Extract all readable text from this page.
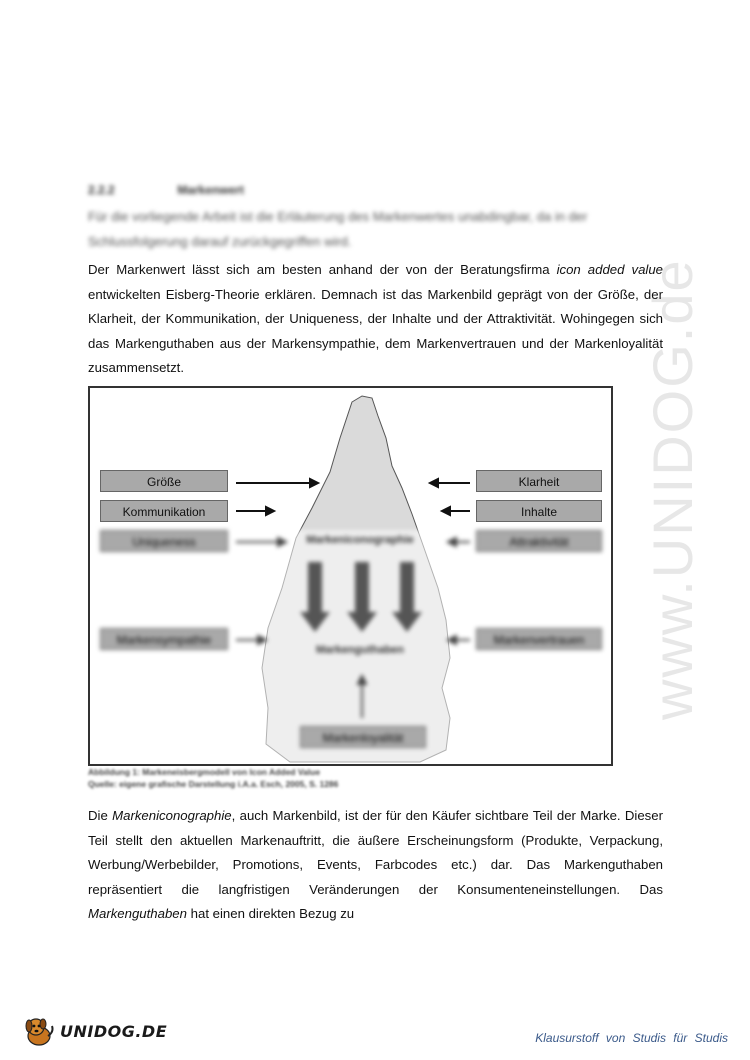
www.UNIDOG.de
2.2.2	Markenwert
Für die vorliegende Arbeit ist die Erläuterung des Markenwertes unabdingbar, da in der
Schlussfolgerung darauf zurückgegriffen wird.

Der Markenwert lässt sich am besten anhand der von der Beratungsfirma icon added value entwickelten Eisberg-Theorie erklären. Demnach ist das Markenbild geprägt von der Größe, der Klarheit, der Kommunikation, der Uniqueness, der Inhalte und der Attraktivität. Wohingegen sich das Markenguthaben aus der Markensympathie, dem Markenvertrauen und der Markenloyalität zusammensetzt.

Größe
Kommunikation
Klarheit
Inhalte
Uniqueness	Attraktivität
Markensympathie	Markenvertrauen
Markeniconographie
Markenguthaben
Markenloyalität
Abbildung 1: Markeneisbergmodell von Icon Added Value
Quelle: eigene grafische Darstellung i.A.a. Esch, 2005, S. 1286

Die Markeniconographie, auch Markenbild, ist der für den Käufer sichtbare Teil der Marke. Dieser Teil stellt den aktuellen Markenauftritt, die äußere Erscheinungsform (Produkte, Verpackung, Werbung/Werbebilder, Promotions, Events, Farbcodes etc.) dar. Das Markenguthaben repräsentiert die langfristigen Veränderungen der Konsumenteneinstellungen. Das Markenguthaben hat einen direkten Bezug zu

UNIDOG.DE	Klausurstoff von Studis für Studis
